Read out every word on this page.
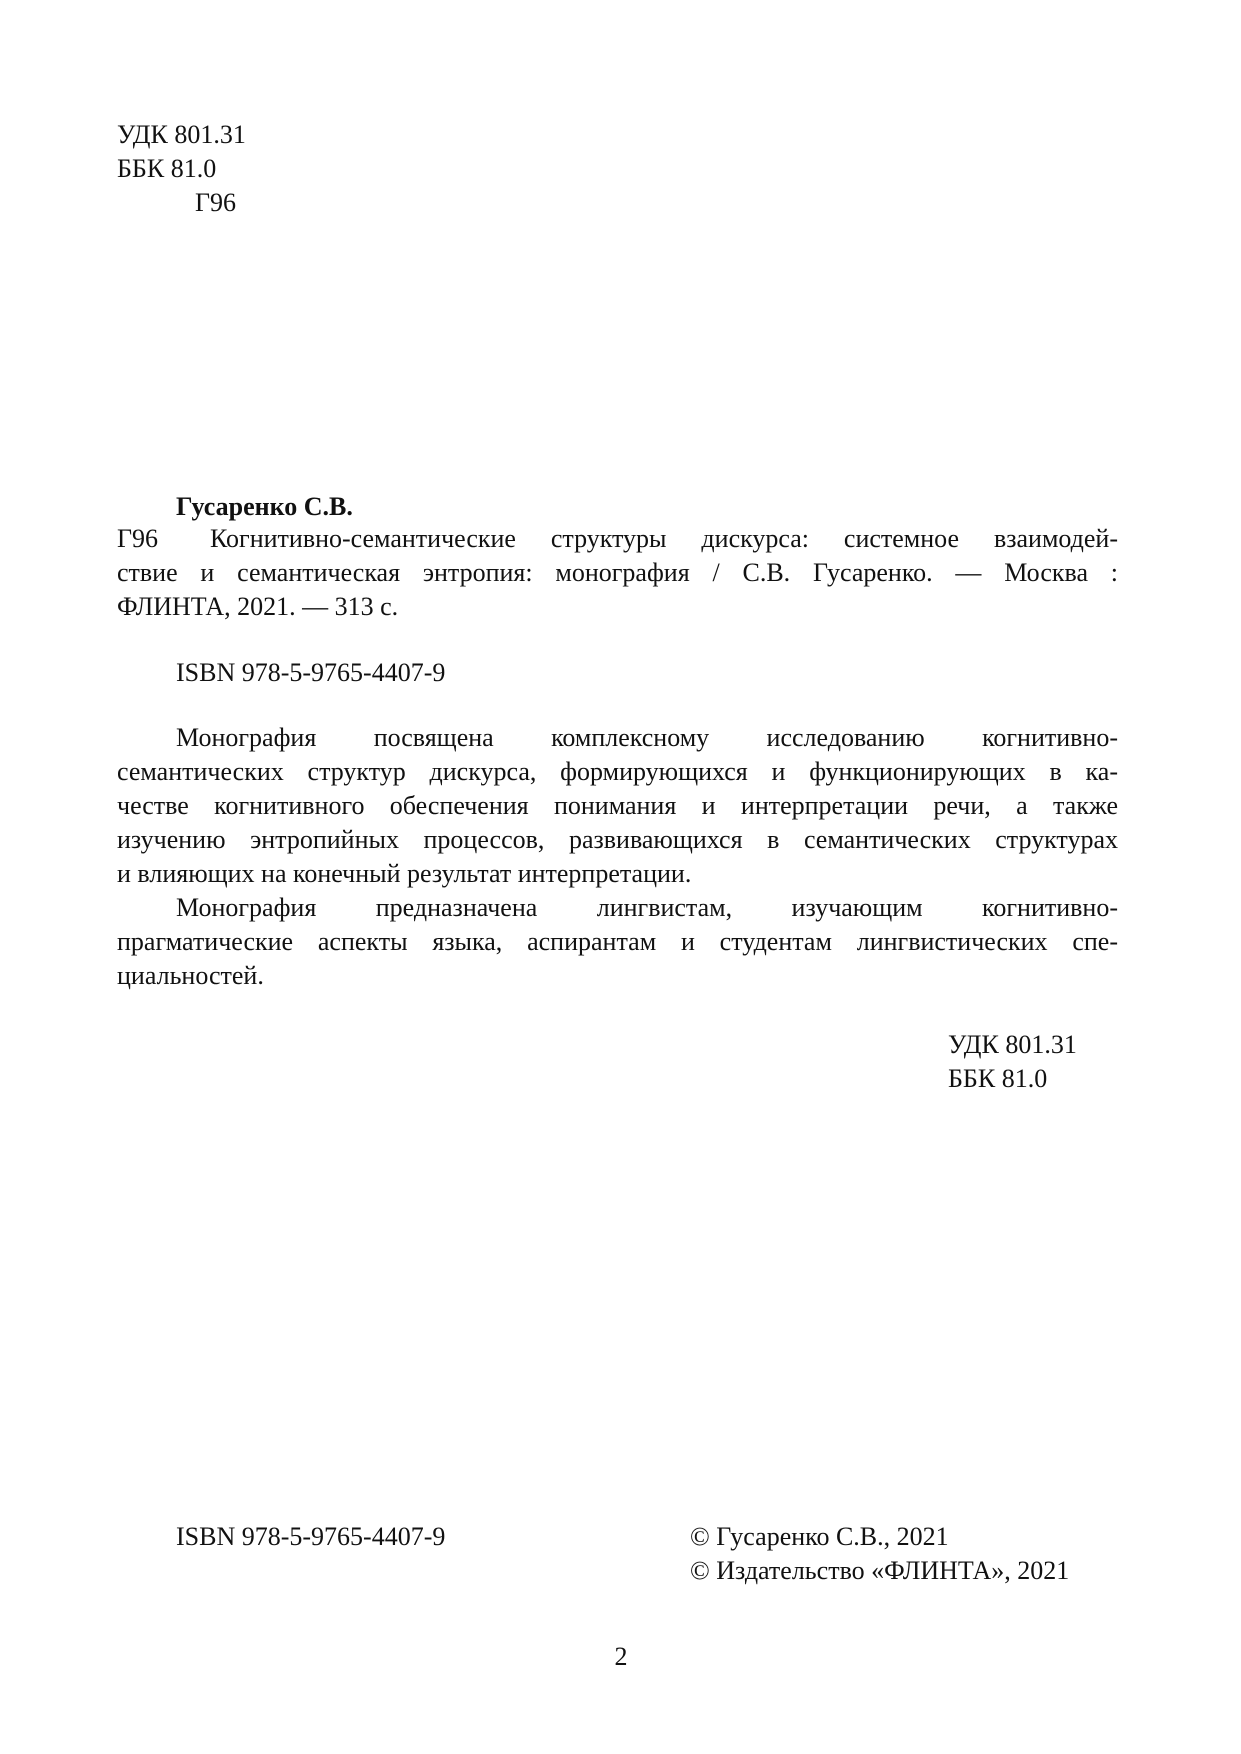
УДК 801.31
ББК 81.0
Г96
Гусаренко С.В.
Г96	Когнитивно-семантические структуры дискурса: системное взаимодей-
ствие и семантическая энтропия: монография / С.В. Гусаренко. — Москва :
ФЛИНТА, 2021. — 313 с.
ISBN 978-5-9765-4407-9
Монография посвящена комплексному исследованию когнитивно-
семантических структур дискурса, формирующихся и функционирующих в ка-
честве когнитивного обеспечения понимания и интерпретации речи, а также
изучению энтропийных процессов, развивающихся в семантических структурах
и влияющих на конечный результат интерпретации.
Монография предназначена лингвистам, изучающим когнитивно-
прагматические аспекты языка, аспирантам и студентам лингвистических спе-
циальностей.
УДК 801.31
ББК 81.0
ISBN 978-5-9765-4407-9	© Гусаренко С.В., 2021
© Издательство «ФЛИНТА», 2021
2
